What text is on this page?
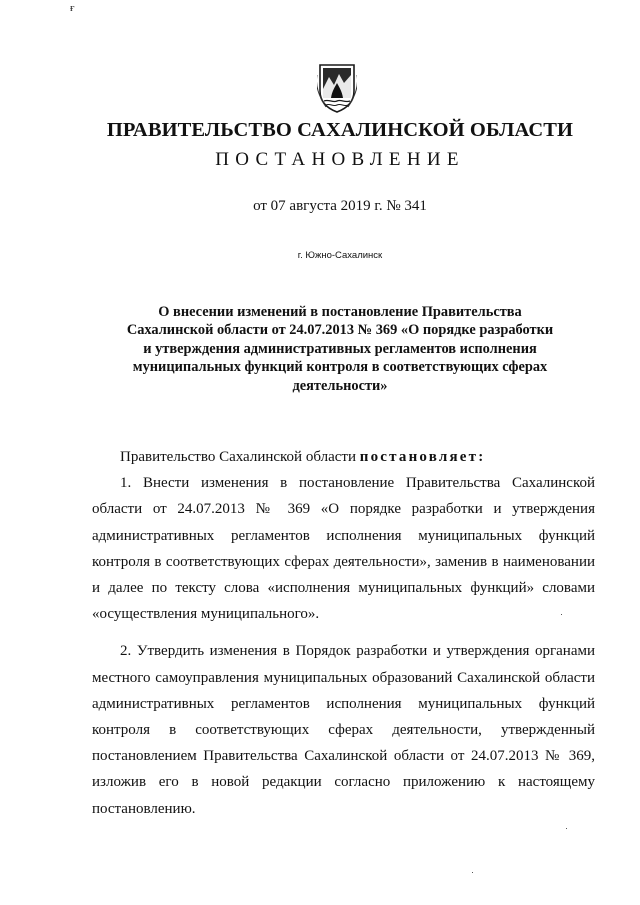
ғ
ПРАВИТЕЛЬСТВО САХАЛИНСКОЙ ОБЛАСТИ
ПОСТАНОВЛЕНИЕ
от 07 августа 2019 г. № 341
г. Южно-Сахалинск
О внесении изменений в постановление Правительства Сахалинской области от 24.07.2013 № 369 «О порядке разработки и утверждения административных регламентов исполнения муниципальных функций контроля в соответствующих сферах деятельности»

Правительство Сахалинской области постановляет:

1. Внести изменения в постановление Правительства Сахалинской области от 24.07.2013 № 369 «О порядке разработки и утверждения административных регламентов исполнения муниципальных функций контроля в соответствующих сферах деятельности», заменив в наименовании и далее по тексту слова «исполнения муниципальных функций» словами «осуществления муниципального».

2. Утвердить изменения в Порядок разработки и утверждения органами местного самоуправления муниципальных образований Сахалинской области административных регламентов исполнения муниципальных функций контроля в соответствующих сферах деятельности, утвержденный постановлением Правительства Сахалинской области от 24.07.2013 № 369, изложив его в новой редакции согласно приложению к настоящему постановлению.
